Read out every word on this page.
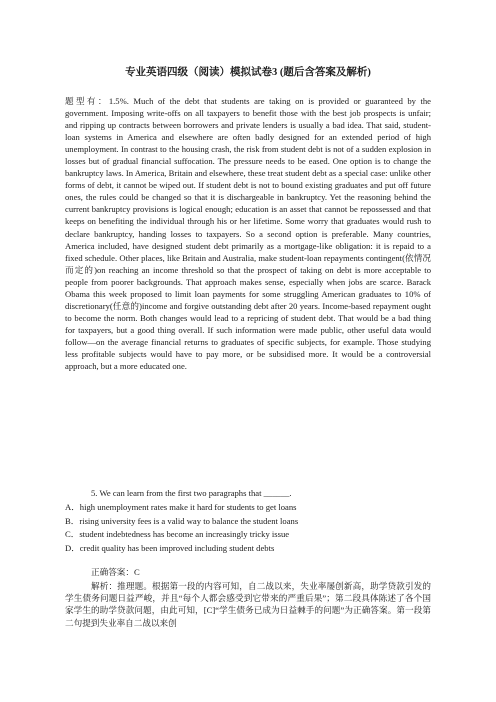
专业英语四级（阅读）模拟试卷3 (题后含答案及解析)

题型有：1.5%. Much of the debt that students are taking on is provided or guaranteed by the government. Imposing write-offs on all taxpayers to benefit those with the best job prospects is unfair; and ripping up contracts between borrowers and private lenders is usually a bad idea. That said, student-loan systems in America and elsewhere are often badly designed for an extended period of high unemployment. In contrast to the housing crash, the risk from student debt is not of a sudden explosion in losses but of gradual financial suffocation. The pressure needs to be eased. One option is to change the bankruptcy laws. In America, Britain and elsewhere, these treat student debt as a special case: unlike other forms of debt, it cannot be wiped out. If student debt is not to bound existing graduates and put off future ones, the rules could be changed so that it is dischargeable in bankruptcy. Yet the reasoning behind the current bankruptcy provisions is logical enough; education is an asset that cannot be repossessed and that keeps on benefiting the individual through his or her lifetime. Some worry that graduates would rush to declare bankruptcy, handing losses to taxpayers. So a second option is preferable. Many countries, America included, have designed student debt primarily as a mortgage-like obligation: it is repaid to a fixed schedule. Other places, like Britain and Australia, make student-loan repayments contingent(依情况而定的)on reaching an income threshold so that the prospect of taking on debt is more acceptable to people from poorer backgrounds. That approach makes sense, especially when jobs are scarce. Barack Obama this week proposed to limit loan payments for some struggling American graduates to 10% of discretionary(任意的)income and forgive outstanding debt after 20 years. Income-based repayment ought to become the norm. Both changes would lead to a repricing of student debt. That would be a bad thing for taxpayers, but a good thing overall. If such information were made public, other useful data would follow—on the average financial returns to graduates of specific subjects, for example. Those studying less profitable subjects would have to pay more, or be subsidised more. It would be a controversial approach, but a more educated one.

5. We can learn from the first two paragraphs that ______.
A．high unemployment rates make it hard for students to get loans
B．rising university fees is a valid way to balance the student loans
C．student indebtedness has become an increasingly tricky issue
D．credit quality has been improved including student debts
正确答案：C

解析：推理题。根据第一段的内容可知，自二战以来，失业率屡创新高，助学贷款引发的学生债务问题日益严峻，并且“每个人都会感受到它带来的严重后果”；第二段具体陈述了各个国家学生的助学贷款问题，由此可知，[C]“学生债务已成为日益棘手的问题”为正确答案。第一段第二句提到失业率自二战以来创
